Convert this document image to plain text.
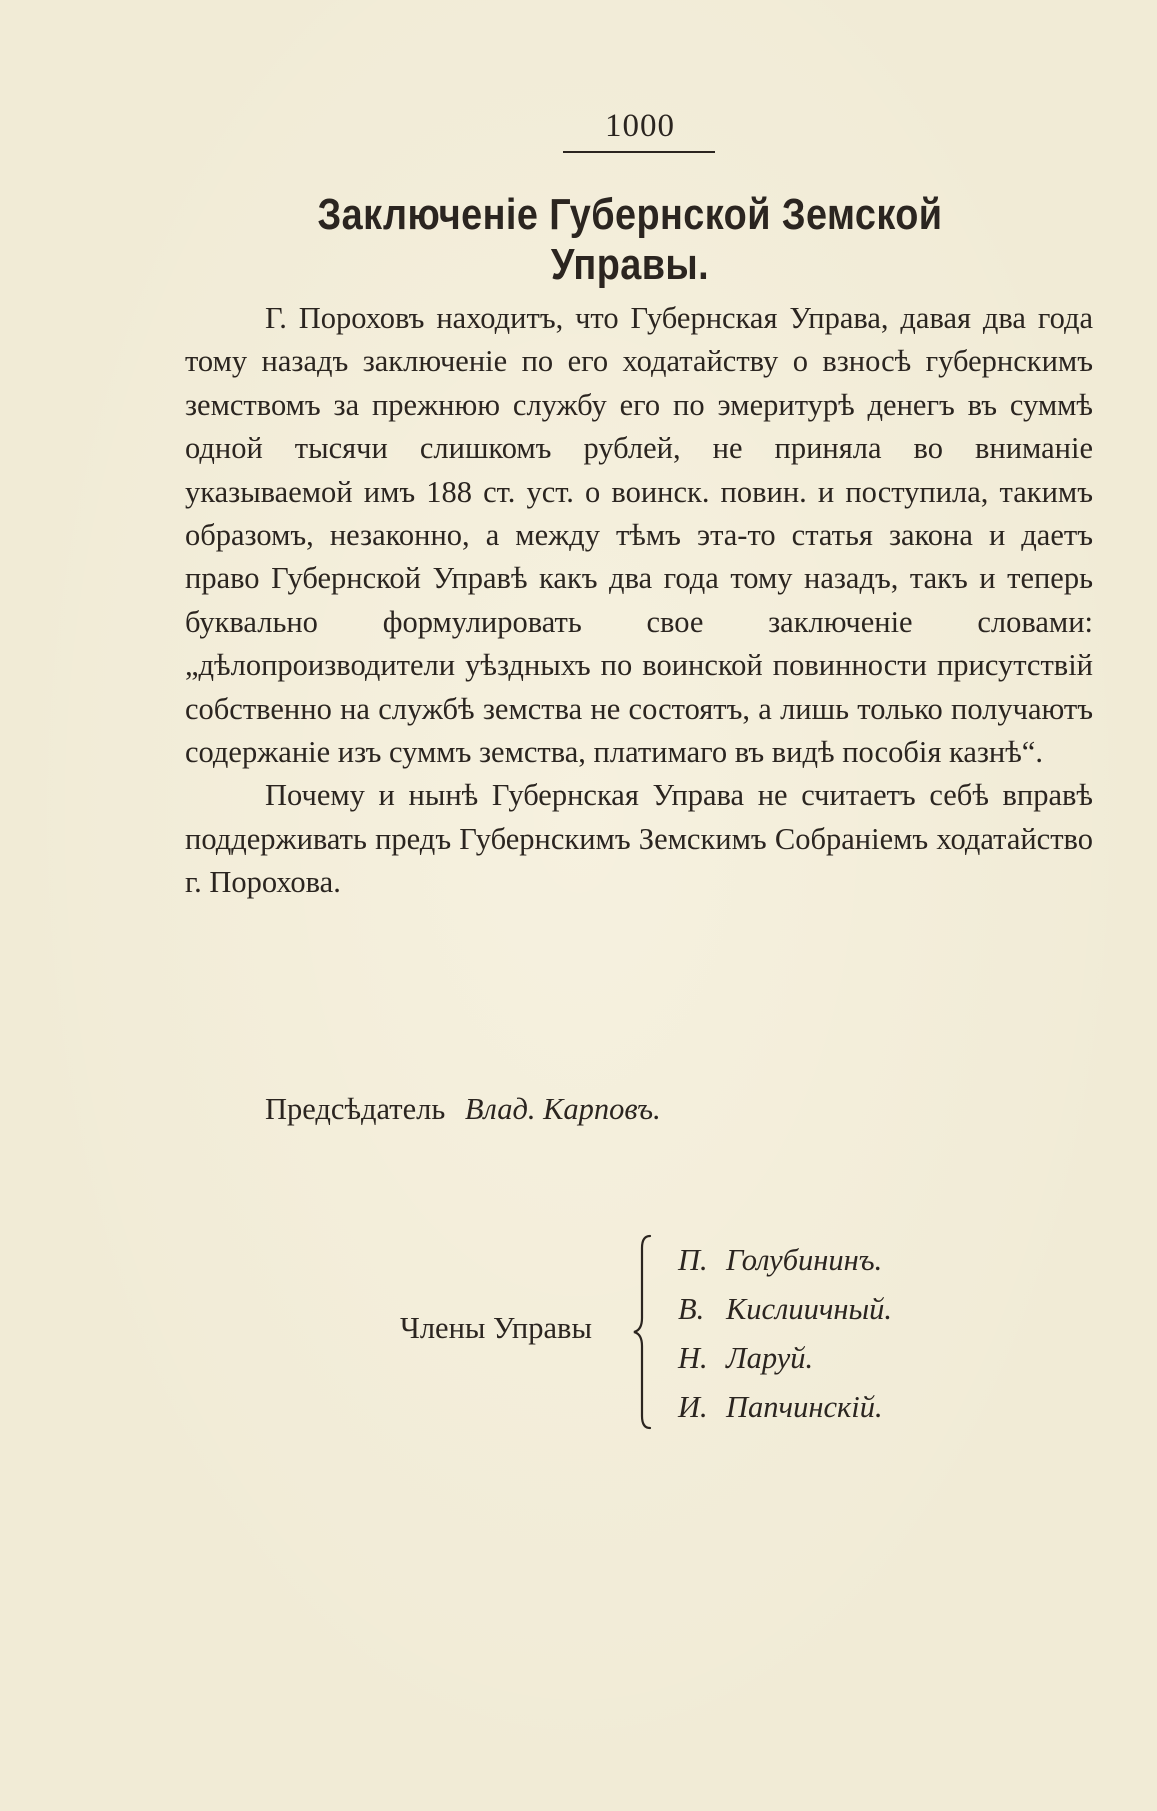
1000
Заключеніе Губернской Земской Управы.

Г. Пороховъ находитъ, что Губернская Управа, давая два года тому назадъ заключеніе по его ходатайству о взносѣ губернскимъ земствомъ за прежнюю службу его по эмеритурѣ денегъ въ суммѣ одной тысячи слишкомъ рублей, не приняла во вниманіе указываемой имъ 188 ст. уст. о воинск. повин. и поступила, такимъ образомъ, незаконно, а между тѣмъ эта-то статья закона и даетъ право Губернской Управѣ какъ два года тому назадъ, такъ и теперь буквально формулировать свое заключеніе словами: „дѣлопроизводители уѣздныхъ по воинской повинности присутствій собственно на службѣ земства не состоятъ, а лишь только получаютъ содержаніе изъ суммъ земства, платимаго въ видѣ пособія казнѣ“.

Почему и нынѣ Губернская Управа не считаетъ себѣ вправѣ поддерживать предъ Губернскимъ Земскимъ Собраніемъ ходатайство г. Порохова.

Предсѣдатель Влад. Карповъ.
Члены Управы
П. Голубининъ.
В. Кислиичный.
Н. Ларуй.
И. Папчинскій.
